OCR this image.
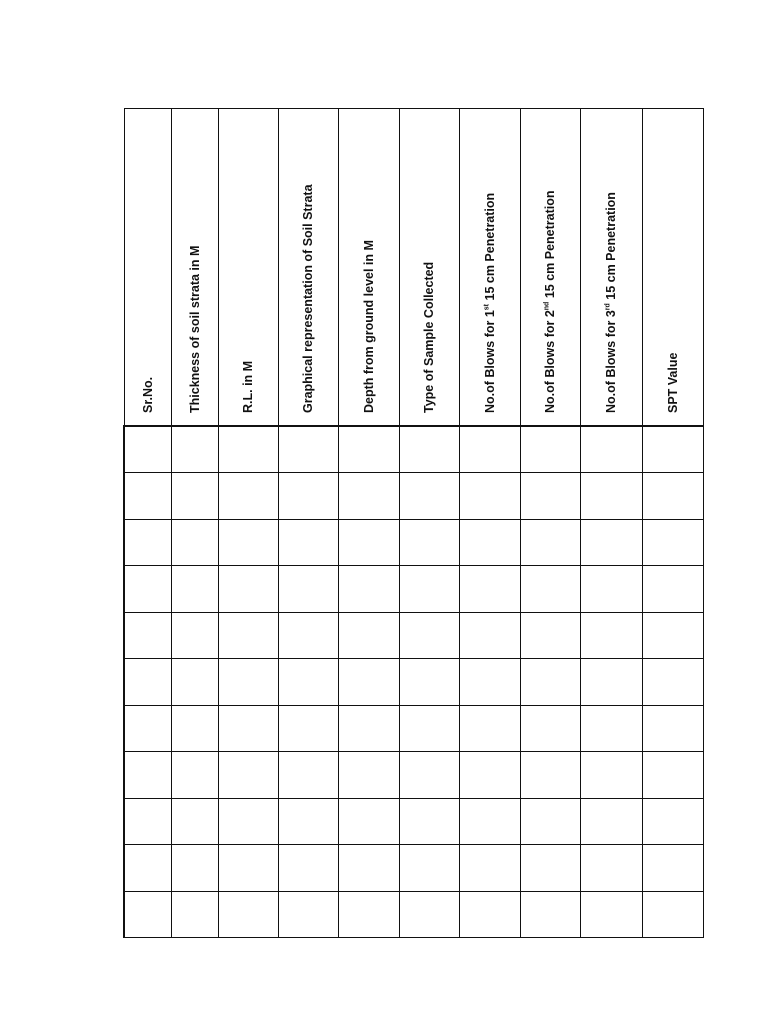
Sr.No.	Thickness of soil strata in M	R.L. in M	Graphical representation of Soil Strata	Depth from ground level in M	Type of Sample Collected	No.of Blows for 1st 15 cm Penetration	No.of Blows for 2nd 15 cm Penetration	No.of Blows for 3rd 15 cm Penetration	SPT Value
